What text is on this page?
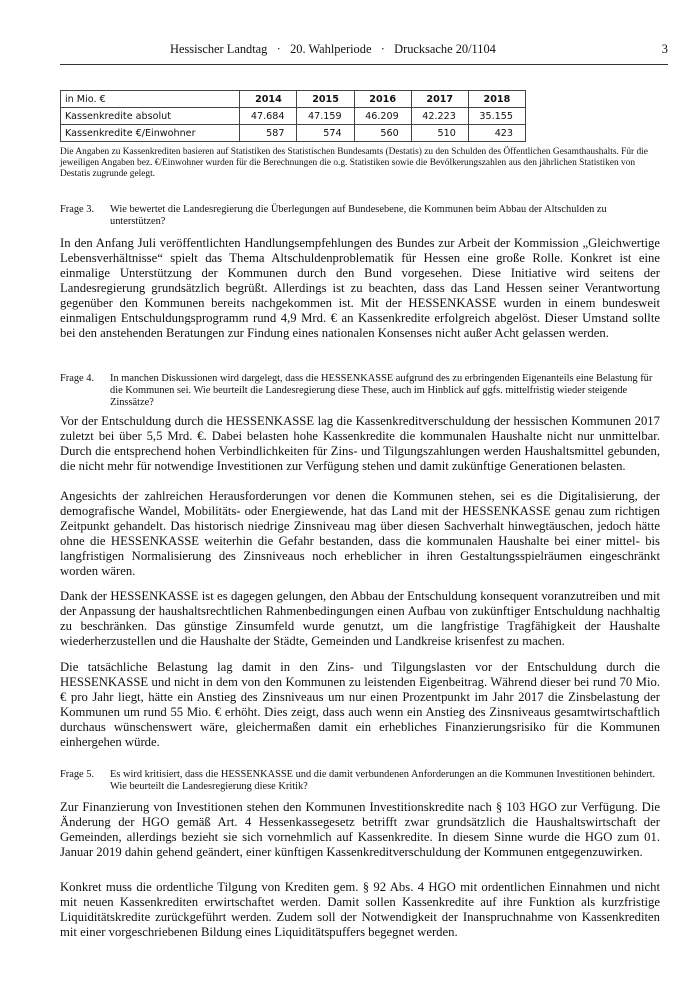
Hessischer Landtag   ·   20. Wahlperiode   ·   Drucksache 20/1104	3
in Mio. €	2014	2015	2016	2017	2018
Kassenkredite absolut	47.684	47.159	46.209	42.223	35.155
Kassenkredite €/Einwohner	587	574	560	510	423
Die Angaben zu Kassenkrediten basieren auf Statistiken des Statistischen Bundesamts (Destatis) zu den Schulden des Öffentlichen Gesamthaushalts. Für die jeweiligen Angaben bez. €/Einwohner wurden für die Berechnungen die o.g. Statistiken sowie die Bevölkerungszahlen aus den jährlichen Statistiken von Destatis zugrunde gelegt.
Frage 3. Wie bewertet die Landesregierung die Überlegungen auf Bundesebene, die Kommunen beim Abbau der Altschulden zu unterstützen?
In den Anfang Juli veröffentlichten Handlungsempfehlungen des Bundes zur Arbeit der Kommission „Gleichwertige Lebensverhältnisse“ spielt das Thema Altschuldenproblematik für Hessen eine große Rolle. Konkret ist eine einmalige Unterstützung der Kommunen durch den Bund vorgesehen. Diese Initiative wird seitens der Landesregierung grundsätzlich begrüßt. Allerdings ist zu beachten, dass das Land Hessen seiner Verantwortung gegenüber den Kommunen bereits nachgekommen ist. Mit der HESSENKASSE wurden in einem bundesweit einmaligen Entschuldungsprogramm rund 4,9 Mrd. € an Kassenkredite erfolgreich abgelöst. Dieser Umstand sollte bei den anstehenden Beratungen zur Findung eines nationalen Konsenses nicht außer Acht gelassen werden.
Frage 4. In manchen Diskussionen wird dargelegt, dass die HESSENKASSE aufgrund des zu erbringenden Eigenanteils eine Belastung für die Kommunen sei. Wie beurteilt die Landesregierung diese These, auch im Hinblick auf ggfs. mittelfristig wieder steigende Zinssätze?
Vor der Entschuldung durch die HESSENKASSE lag die Kassenkreditverschuldung der hessischen Kommunen 2017 zuletzt bei über 5,5 Mrd. €. Dabei belasten hohe Kassenkredite die kommunalen Haushalte nicht nur unmittelbar. Durch die entsprechend hohen Verbindlichkeiten für Zins- und Tilgungszahlungen werden Haushaltsmittel gebunden, die nicht mehr für notwendige Investitionen zur Verfügung stehen und damit zukünftige Generationen belasten.
Angesichts der zahlreichen Herausforderungen vor denen die Kommunen stehen, sei es die Digitalisierung, der demografische Wandel, Mobilitäts- oder Energiewende, hat das Land mit der HESSENKASSE genau zum richtigen Zeitpunkt gehandelt. Das historisch niedrige Zinsniveau mag über diesen Sachverhalt hinwegtäuschen, jedoch hätte ohne die HESSENKASSE weiterhin die Gefahr bestanden, dass die kommunalen Haushalte bei einer mittel- bis langfristigen Normalisierung des Zinsniveaus noch erheblicher in ihren Gestaltungsspielräumen eingeschränkt worden wären.
Dank der HESSENKASSE ist es dagegen gelungen, den Abbau der Entschuldung konsequent voranzutreiben und mit der Anpassung der haushaltsrechtlichen Rahmenbedingungen einen Aufbau von zukünftiger Entschuldung nachhaltig zu beschränken. Das günstige Zinsumfeld wurde genutzt, um die langfristige Tragfähigkeit der Haushalte wiederherzustellen und die Haushalte der Städte, Gemeinden und Landkreise krisenfest zu machen.
Die tatsächliche Belastung lag damit in den Zins- und Tilgungslasten vor der Entschuldung durch die HESSENKASSE und nicht in dem von den Kommunen zu leistenden Eigenbeitrag. Während dieser bei rund 70 Mio. € pro Jahr liegt, hätte ein Anstieg des Zinsniveaus um nur einen Prozentpunkt im Jahr 2017 die Zinsbelastung der Kommunen um rund 55 Mio. € erhöht. Dies zeigt, dass auch wenn ein Anstieg des Zinsniveaus gesamtwirtschaftlich durchaus wünschenswert wäre, gleichermaßen damit ein erhebliches Finanzierungsrisiko für die Kommunen einhergehen würde.
Frage 5. Es wird kritisiert, dass die HESSENKASSE und die damit verbundenen Anforderungen an die Kommunen Investitionen behindert. Wie beurteilt die Landesregierung diese Kritik?
Zur Finanzierung von Investitionen stehen den Kommunen Investitionskredite nach § 103 HGO zur Verfügung. Die Änderung der HGO gemäß Art. 4 Hessenkassegesetz betrifft zwar grundsätzlich die Haushaltswirtschaft der Gemeinden, allerdings bezieht sie sich vornehmlich auf Kassenkredite. In diesem Sinne wurde die HGO zum 01. Januar 2019 dahin gehend geändert, einer künftigen Kassenkreditverschuldung der Kommunen entgegenzuwirken.
Konkret muss die ordentliche Tilgung von Krediten gem. § 92 Abs. 4 HGO mit ordentlichen Einnahmen und nicht mit neuen Kassenkrediten erwirtschaftet werden. Damit sollen Kassenkredite auf ihre Funktion als kurzfristige Liquiditätskredite zurückgeführt werden. Zudem soll der Notwendigkeit der Inanspruchnahme von Kassenkrediten mit einer vorgeschriebenen Bildung eines Liquiditätspuffers begegnet werden.
